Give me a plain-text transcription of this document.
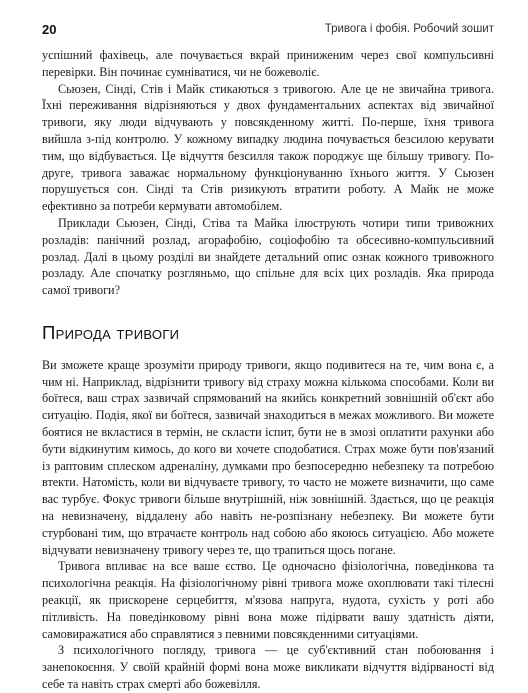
20	Тривога і фобія. Робочий зошит

успішний фахівець, але почувається вкрай приниженим через свої компульсивні перевірки. Він починає сумніватися, чи не божеволіє.

Сьюзен, Сінді, Стів і Майк стикаються з тривогою. Але це не звичайна тривога. Їхні переживання відрізняються у двох фундаментальних аспектах від звичайної тривоги, яку люди відчувають у повсякденному житті. По-перше, їхня тривога вийшла з-під контролю. У кожному випадку людина почувається безсилою керувати тим, що відбувається. Це відчуття безсилля також породжує ще більшу тривогу. По-друге, тривога заважає нормальному функціонуванню їхнього життя. У Сьюзен порушується сон. Сінді та Стів ризикують втратити роботу. А Майк не може ефективно за потреби кермувати автомобілем.

Приклади Сьюзен, Сінді, Стіва та Майка ілюструють чотири типи тривожних розладів: панічний розлад, агорафобію, соціофобію та обсесивно-компульсивний розлад. Далі в цьому розділі ви знайдете детальний опис ознак кожного тривожного розладу. Але спочатку розгляньмо, що спільне для всіх цих розладів. Яка природа самої тривоги?

Природа тривоги

Ви зможете краще зрозуміти природу тривоги, якщо подивитеся на те, чим вона є, а чим ні. Наприклад, відрізнити тривогу від страху можна кількома способами. Коли ви боїтеся, ваш страх зазвичай спрямований на якийсь конкретний зовнішній об'єкт або ситуацію. Подія, якої ви боїтеся, зазвичай знаходиться в межах можливого. Ви можете боятися не вкластися в термін, не скласти іспит, бути не в змозі оплатити рахунки або бути відкинутим кимось, до кого ви хочете сподобатися. Страх може бути пов'язаний із раптовим сплеском адреналіну, думками про безпосередню небезпеку та потребою втекти. Натомість, коли ви відчуваєте тривогу, то часто не можете визначити, що саме вас турбує. Фокус тривоги більше внутрішній, ніж зовнішній. Здається, що це реакція на невизначену, віддалену або навіть не-розпізнану небезпеку. Ви можете бути стурбовані тим, що втрачаєте контроль над собою або якоюсь ситуацією. Або можете відчувати невизначену тривогу через те, що трапиться щось погане.

Тривога впливає на все ваше єство. Це одночасно фізіологічна, поведінкова та психологічна реакція. На фізіологічному рівні тривога може охоплювати такі тілесні реакції, як прискорене серцебиття, м'язова напруга, нудота, сухість у роті або пітливість. На поведінковому рівні вона може підірвати вашу здатність діяти, самовиражатися або справлятися з певними повсякденними ситуаціями.

З психологічного погляду, тривога — це суб'єктивний стан побоювання і занепокоєння. У своїй крайній формі вона може викликати відчуття відірваності від себе та навіть страх смерті або божевілля.
